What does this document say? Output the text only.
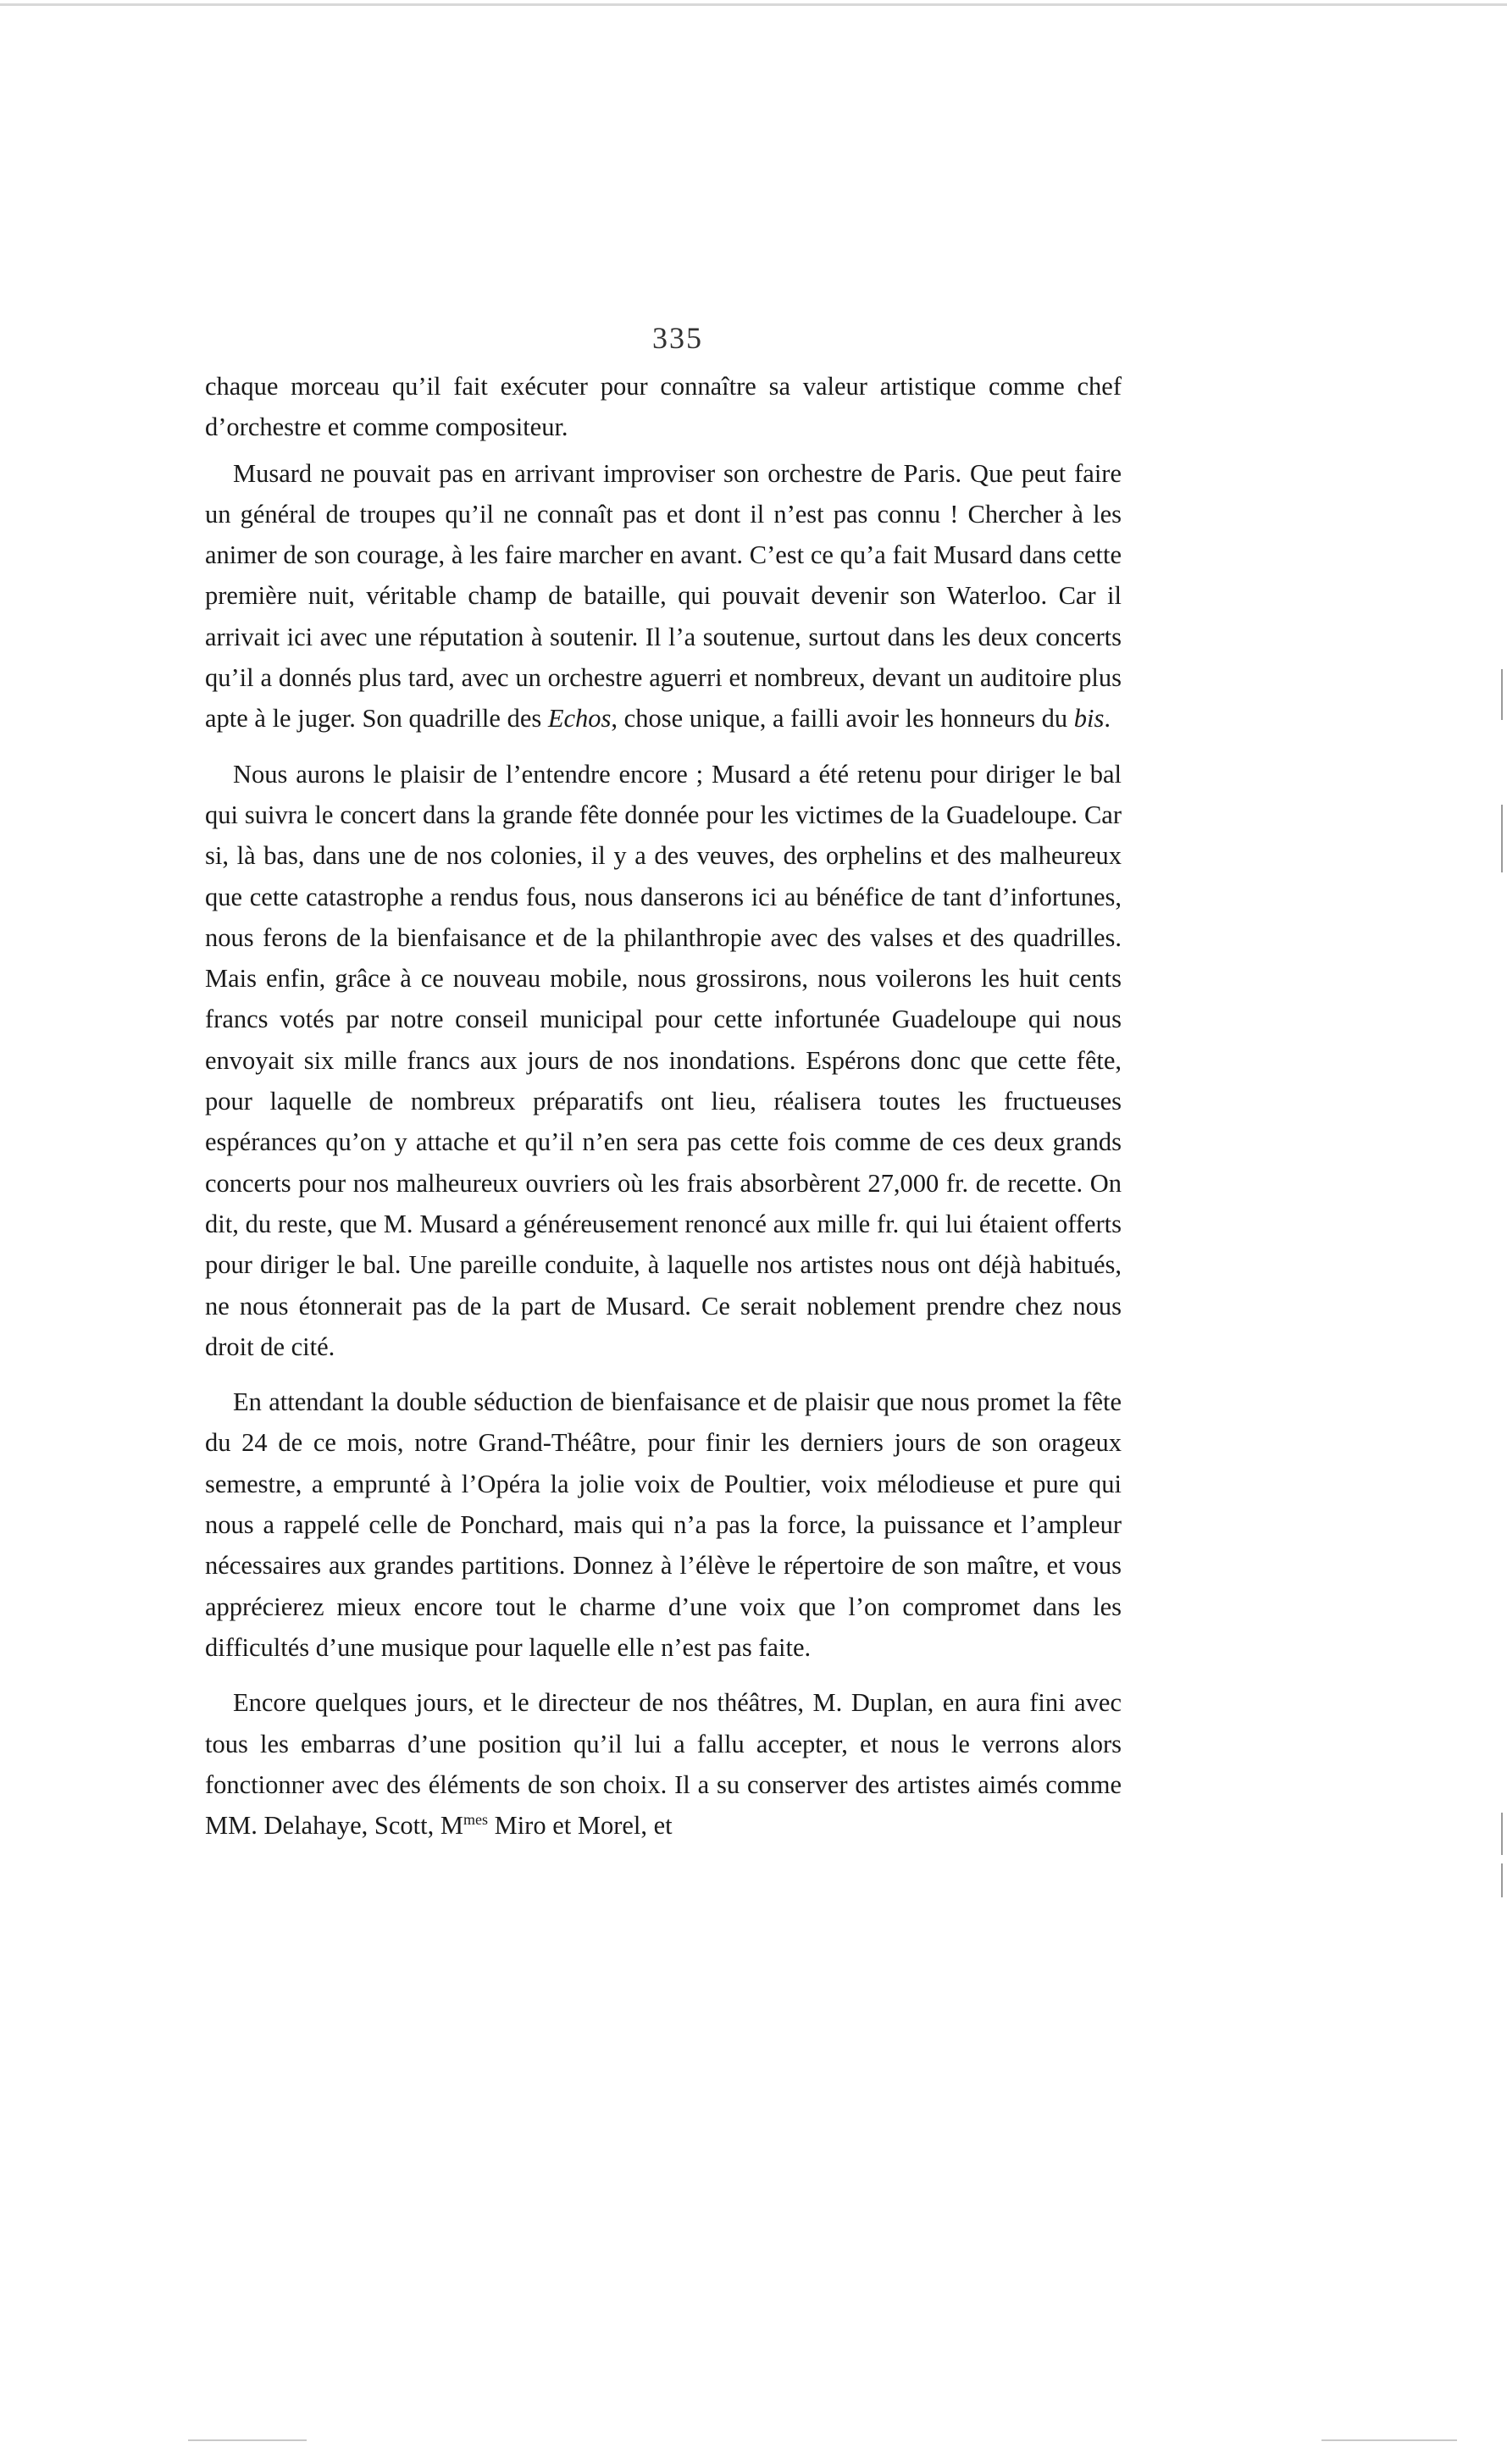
335

chaque morceau qu’il fait exécuter pour connaître sa valeur artistique comme chef d’orchestre et comme compositeur.

Musard ne pouvait pas en arrivant improviser son orchestre de Paris. Que peut faire un général de troupes qu’il ne connaît pas et dont il n’est pas connu ! Chercher à les animer de son courage, à les faire marcher en avant. C’est ce qu’a fait Musard dans cette première nuit, véritable champ de bataille, qui pouvait devenir son Waterloo. Car il arrivait ici avec une réputation à soutenir. Il l’a soutenue, surtout dans les deux concerts qu’il a donnés plus tard, avec un orchestre aguerri et nombreux, devant un auditoire plus apte à le juger. Son quadrille des Echos, chose unique, a failli avoir les honneurs du bis.

Nous aurons le plaisir de l’entendre encore ; Musard a été retenu pour diriger le bal qui suivra le concert dans la grande fête donnée pour les victimes de la Guadeloupe. Car si, là bas, dans une de nos colonies, il y a des veuves, des orphelins et des malheureux que cette catastrophe a rendus fous, nous danserons ici au bénéfice de tant d’infortunes, nous ferons de la bienfaisance et de la philanthropie avec des valses et des quadrilles. Mais enfin, grâce à ce nouveau mobile, nous grossirons, nous voilerons les huit cents francs votés par notre conseil municipal pour cette infortunée Guadeloupe qui nous envoyait six mille francs aux jours de nos inondations. Espérons donc que cette fête, pour laquelle de nombreux préparatifs ont lieu, réalisera toutes les fructueuses espérances qu’on y attache et qu’il n’en sera pas cette fois comme de ces deux grands concerts pour nos malheureux ouvriers où les frais absorbèrent 27,000 fr. de recette. On dit, du reste, que M. Musard a généreusement renoncé aux mille fr. qui lui étaient offerts pour diriger le bal. Une pareille conduite, à laquelle nos artistes nous ont déjà habitués, ne nous étonnerait pas de la part de Musard. Ce serait noblement prendre chez nous droit de cité.

En attendant la double séduction de bienfaisance et de plaisir que nous promet la fête du 24 de ce mois, notre Grand-Théâtre, pour finir les derniers jours de son orageux semestre, a emprunté à l’Opéra la jolie voix de Poultier, voix mélodieuse et pure qui nous a rappelé celle de Ponchard, mais qui n’a pas la force, la puissance et l’ampleur nécessaires aux grandes partitions. Donnez à l’élève le répertoire de son maître, et vous apprécierez mieux encore tout le charme d’une voix que l’on compromet dans les difficultés d’une musique pour laquelle elle n’est pas faite.

Encore quelques jours, et le directeur de nos théâtres, M. Duplan, en aura fini avec tous les embarras d’une position qu’il lui a fallu accepter, et nous le verrons alors fonctionner avec des éléments de son choix. Il a su conserver des artistes aimés comme MM. Delahaye, Scott, $M^{mes}$ Miro et Morel, et
